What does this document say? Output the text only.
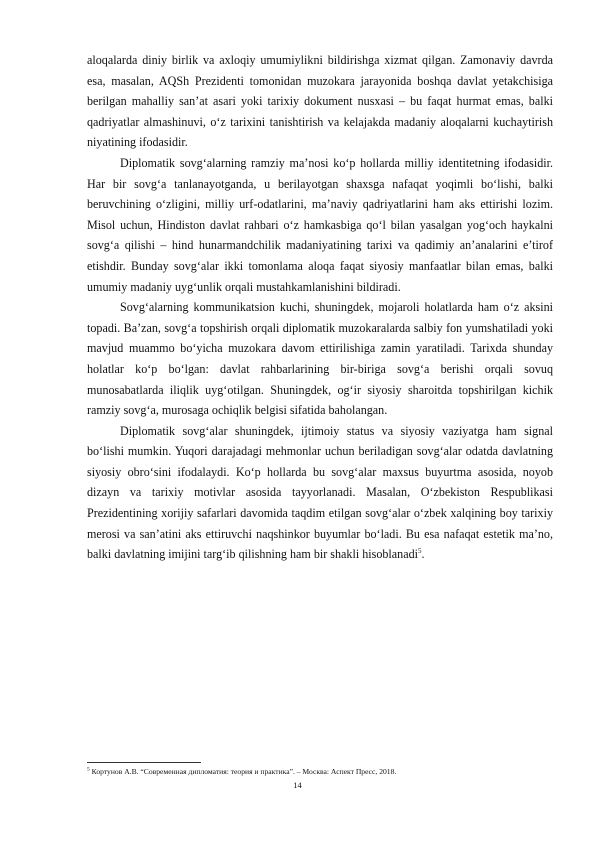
aloqalarda diniy birlik va axloqiy umumiylikni bildirishga xizmat qilgan. Zamonaviy davrda esa, masalan, AQSh Prezidenti tomonidan muzokara jarayonida boshqa davlat yetakchisiga berilgan mahalliy san’at asari yoki tarixiy dokument nusxasi – bu faqat hurmat emas, balki qadriyatlar almashinuvi, o‘z tarixini tanishtirish va kelajakda madaniy aloqalarni kuchaytirish niyatining ifodasidir.

Diplomatik sovg‘alarning ramziy ma’nosi ko‘p hollarda milliy identitetning ifodasidir. Har bir sovg‘a tanlanayotganda, u berilayotgan shaxsga nafaqat yoqimli bo‘lishi, balki beruvchining o‘zligini, milliy urf-odatlarini, ma’naviy qadriyatlarini ham aks ettirishi lozim. Misol uchun, Hindiston davlat rahbari o‘z hamkasbiga qo‘l bilan yasalgan yog‘och haykalni sovg‘a qilishi – hind hunarmandchilik madaniyatining tarixi va qadimiy an’analarini e’tirof etishdir. Bunday sovg‘alar ikki tomonlama aloqa faqat siyosiy manfaatlar bilan emas, balki umumiy madaniy uyg‘unlik orqali mustahkamlanishini bildiradi.

Sovg‘alarning kommunikatsion kuchi, shuningdek, mojaroli holatlarda ham o‘z aksini topadi. Ba’zan, sovg‘a topshirish orqali diplomatik muzokaralarda salbiy fon yumshatiladi yoki mavjud muammo bo‘yicha muzokara davom ettirilishiga zamin yaratiladi. Tarixda shunday holatlar ko‘p bo‘lgan: davlat rahbarlarining bir-biriga sovg‘a berishi orqali sovuq munosabatlarda iliqlik uyg‘otilgan. Shuningdek, og‘ir siyosiy sharoitda topshirilgan kichik ramziy sovg‘a, murosaga ochiqlik belgisi sifatida baholangan.

Diplomatik sovg‘alar shuningdek, ijtimoiy status va siyosiy vaziyatga ham signal bo‘lishi mumkin. Yuqori darajadagi mehmonlar uchun beriladigan sovg‘alar odatda davlatning siyosiy obro‘sini ifodalaydi. Ko‘p hollarda bu sovg‘alar maxsus buyurtma asosida, noyob dizayn va tarixiy motivlar asosida tayyorlanadi. Masalan, O‘zbekiston Respublikasi Prezidentining xorijiy safarlari davomida taqdim etilgan sovg‘alar o‘zbek xalqining boy tarixiy merosi va san’atini aks ettiruvchi naqshinkor buyumlar bo‘ladi. Bu esa nafaqat estetik ma’no, balki davlatning imijini targ‘ib qilishning ham bir shakli hisoblanadi$^5$.

$^5$ Кортунов А.В. “Современная дипломатия: теория и практика”. – Москва: Аспект Пресс, 2018.
14
